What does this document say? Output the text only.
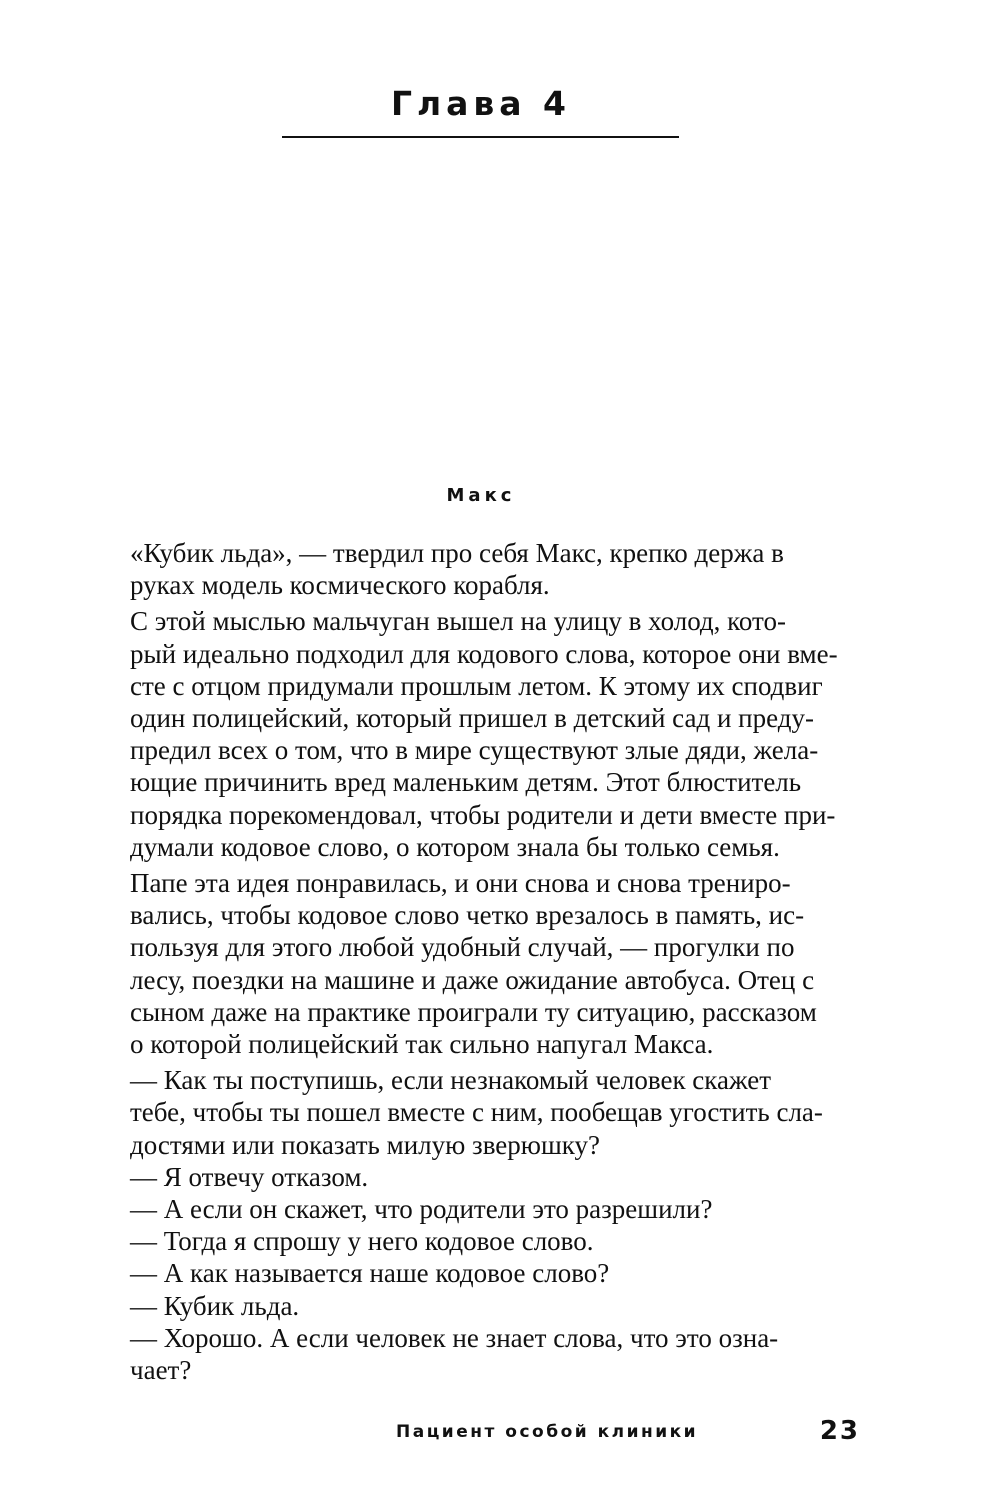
Глава 4
Макс

«Кубик льда», — твердил про себя Макс, крепко держа в
руках модель космического корабля.

С этой мыслью мальчуган вышел на улицу в холод, кото-
рый идеально подходил для кодового слова, которое они вме-
сте с отцом придумали прошлым летом. К этому их сподвиг
один полицейский, который пришел в детский сад и преду-
предил всех о том, что в мире существуют злые дяди, жела-
ющие причинить вред маленьким детям. Этот блюститель
порядка порекомендовал, чтобы родители и дети вместе при-
думали кодовое слово, о котором знала бы только семья.

Папе эта идея понравилась, и они снова и снова трениро-
вались, чтобы кодовое слово четко врезалось в память, ис-
пользуя для этого любой удобный случай, — прогулки по
лесу, поездки на машине и даже ожидание автобуса. Отец с
сыном даже на практике проиграли ту ситуацию, рассказом
о которой полицейский так сильно напугал Макса.

— Как ты поступишь, если незнакомый человек скажет
тебе, чтобы ты пошел вместе с ним, пообещав угостить сла-
достями или показать милую зверюшку?

— Я отвечу отказом.

— А если он скажет, что родители это разрешили?

— Тогда я спрошу у него кодовое слово.

— А как называется наше кодовое слово?

— Кубик льда.

— Хорошо. А если человек не знает слова, что это озна-
чает?

Пациент особой клиники	23
